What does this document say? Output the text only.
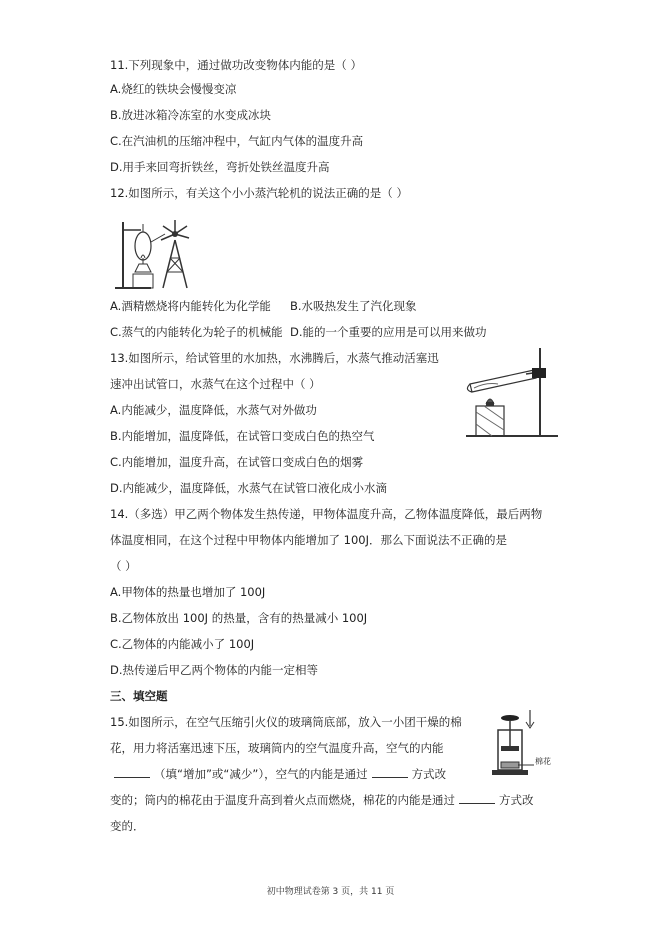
11.下列现象中，通过做功改变物体内能的是（ ）
A.烧红的铁块会慢慢变凉
B.放进冰箱冷冻室的水变成冰块
C.在汽油机的压缩冲程中，气缸内气体的温度升高
D.用手来回弯折铁丝，弯折处铁丝温度升高
12.如图所示，有关这个小小蒸汽轮机的说法正确的是（ ）
A.酒精燃烧将内能转化为化学能 B.水吸热发生了汽化现象
C.蒸气的内能转化为轮子的机械能 D.能的一个重要的应用是可以用来做功
13.如图所示，给试管里的水加热，水沸腾后，水蒸气推动活塞迅
速冲出试管口，水蒸气在这个过程中（ ）
A.内能减少，温度降低，水蒸气对外做功
B.内能增加，温度降低，在试管口变成白色的热空气
C.内能增加，温度升高，在试管口变成白色的烟雾
D.内能减少，温度降低，水蒸气在试管口液化成小水滴
14.（多选）甲乙两个物体发生热传递，甲物体温度升高，乙物体温度降低，最后两物
体温度相同，在这个过程中甲物体内能增加了 100J．那么下面说法不正确的是
（ ）
A.甲物体的热量也增加了 100J
B.乙物体放出 100J 的热量，含有的热量减小 100J
C.乙物体的内能减小了 100J
D.热传递后甲乙两个物体的内能一定相等
三、填空题
15.如图所示，在空气压缩引火仪的玻璃筒底部，放入一小团干燥的棉
花，用力将活塞迅速下压，玻璃筒内的空气温度升高，空气的内能
（填“增加”或“减少”），空气的内能是通过	方式改
变的；筒内的棉花由于温度升高到着火点而燃烧，棉花的内能是通过	方式改
变的．
棉花
初中物理试卷第 3 页，共 11 页
